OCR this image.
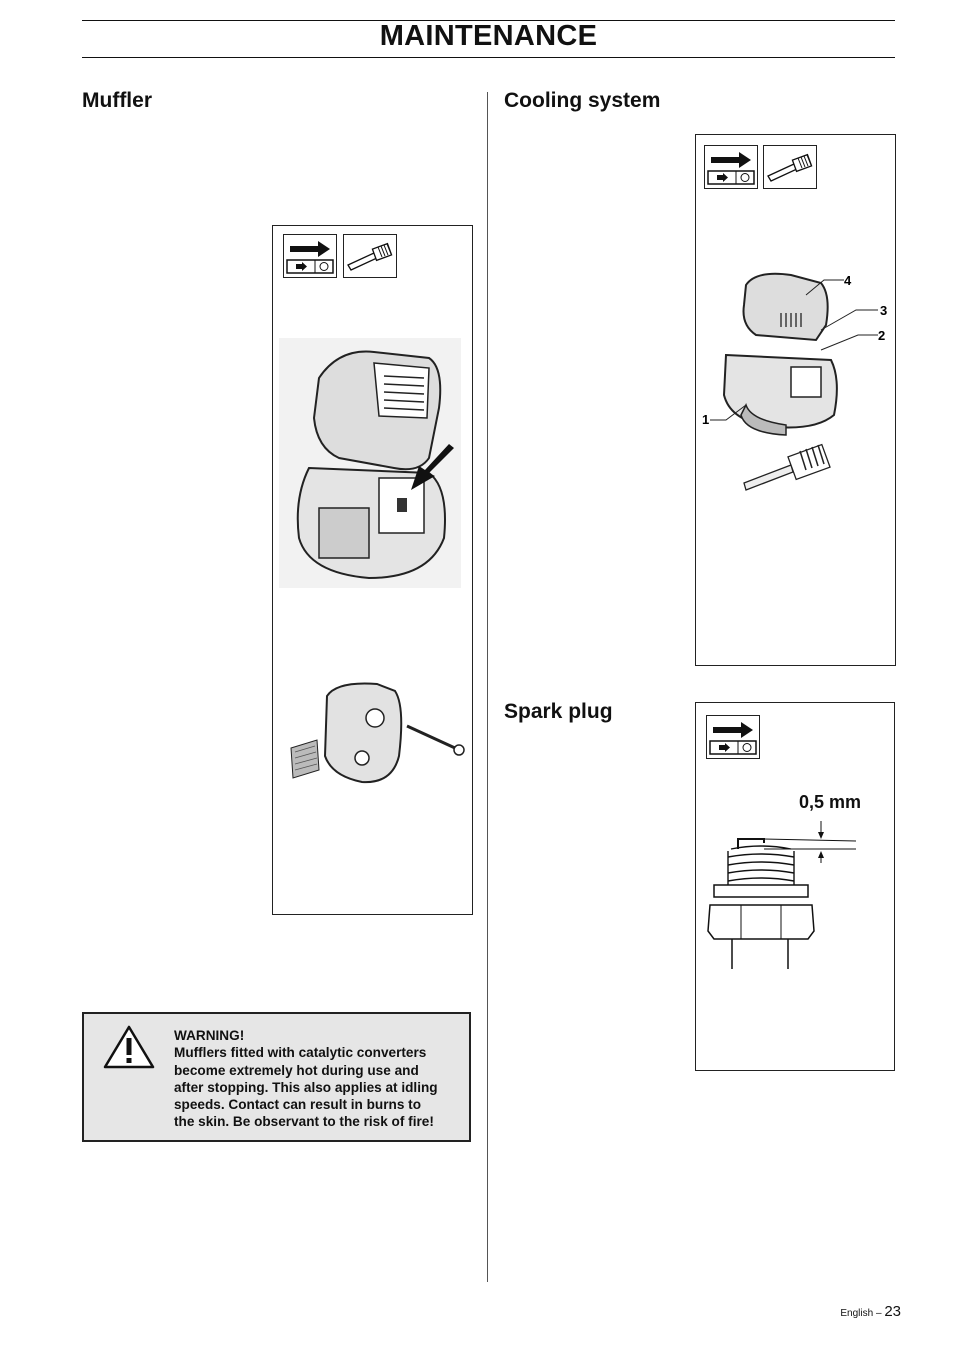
MAINTENANCE
Muffler
WARNING!
Mufflers fitted with catalytic converters
become extremely hot during use and
after stopping. This also applies at idling
speeds. Contact can result in burns to
the skin. Be observant to the risk of fire!
Cooling system
4
3
2
1
Spark plug
0,5 mm
English – 23
